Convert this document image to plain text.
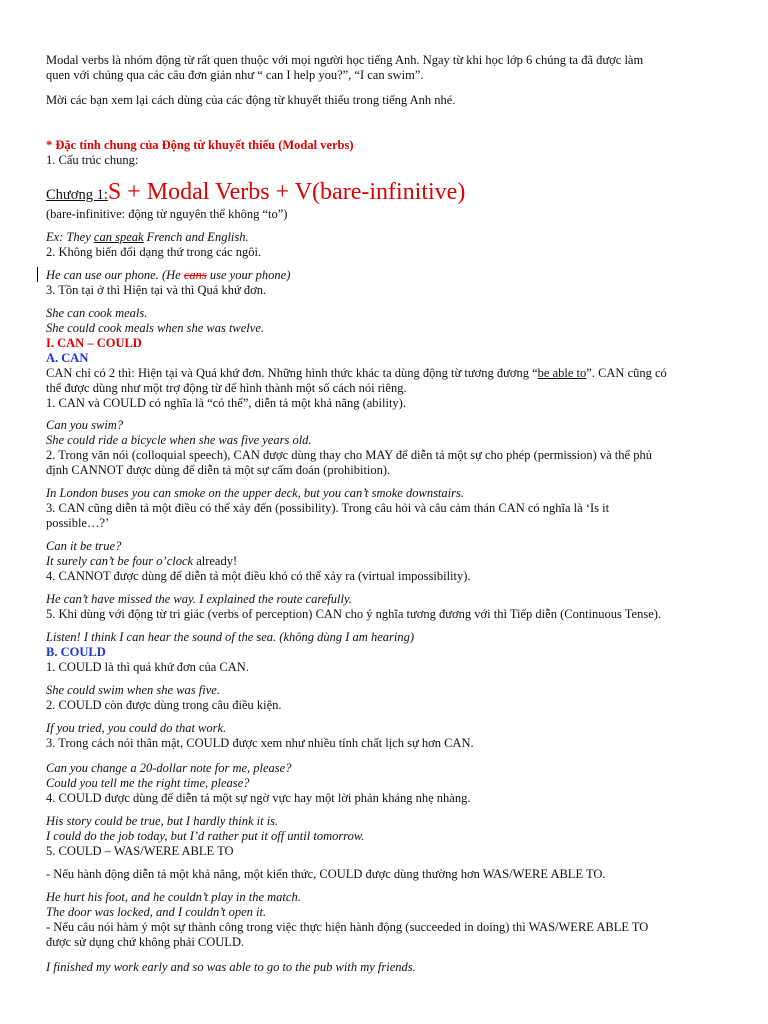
Modal verbs là nhóm động từ rất quen thuộc với mọi người học tiếng Anh. Ngay từ khi học lớp 6 chúng ta đã được làm
quen với chúng qua các câu đơn giản như “ can I help you?”, “I can swim”.
Mời các bạn xem lại cách dùng của các động từ khuyết thiếu trong tiếng Anh nhé.
* Đặc tính chung của Động từ khuyết thiếu (Modal verbs)
1. Cấu trúc chung:
Chương 1:S + Modal Verbs + V(bare-infinitive)
(bare-infinitive: động từ nguyên thể không “to”)
Ex: They can speak French and English.
2. Không biến đổi dạng thứ trong các ngôi.
He can use our phone. (He cans use your phone)
3. Tồn tại ở thì Hiện tại và thì Quá khứ đơn.
She can cook meals.
She could cook meals when she was twelve.
I. CAN – COULD
A. CAN
CAN chỉ có 2 thì: Hiện tại và Quá khứ đơn. Những hình thức khác ta dùng động từ tương đương “be able to”. CAN cũng có
thể được dùng như một trợ động từ để hình thành một số cách nói riêng.
1. CAN và COULD có nghĩa là “có thể”, diễn tả một khả năng (ability).
Can you swim?
She could ride a bicycle when she was five years old.
2. Trong văn nói (colloquial speech), CAN được dùng thay cho MAY để diễn tả một sự cho phép (permission) và thể phủ
định CANNOT được dùng để diễn tả một sự cấm đoán (prohibition).
In London buses you can smoke on the upper deck, but you can’t smoke downstairs.
3. CAN cũng diễn tả một điều có thể xảy đến (possibility). Trong câu hỏi và câu cảm thán CAN có nghĩa là ‘Is it
possible…?’
Can it be true?
It surely can’t be four o’clock already!
4. CANNOT được dùng để diễn tả một điều khó có thể xảy ra (virtual impossibility).
He can’t have missed the way. I explained the route carefully.
5. Khi dùng với động từ tri giác (verbs of perception) CAN cho ý nghĩa tương đương với thì Tiếp diễn (Continuous Tense).
Listen! I think I can hear the sound of the sea. (không dùng I am hearing)
B. COULD
1. COULD là thì quá khứ đơn của CAN.
She could swim when she was five.
2. COULD còn được dùng trong câu điều kiện.
If you tried, you could do that work.
3. Trong cách nói thân mật, COULD được xem như nhiều tính chất lịch sự hơn CAN.
Can you change a 20-dollar note for me, please?
Could you tell me the right time, please?
4. COULD được dùng để diễn tả một sự ngờ vực hay một lời phản kháng nhẹ nhàng.
His story could be true, but I hardly think it is.
I could do the job today, but I’d rather put it off until tomorrow.
5. COULD – WAS/WERE ABLE TO
- Nếu hành động diễn tả một khả năng, một kiến thức, COULD được dùng thường hơn WAS/WERE ABLE TO.
He hurt his foot, and he couldn’t play in the match.
The door was locked, and I couldn’t open it.
- Nếu câu nói hàm ý một sự thành công trong việc thực hiện hành động (succeeded in doing) thì WAS/WERE ABLE TO
được sử dụng chứ không phải COULD.
I finished my work early and so was able to go to the pub with my friends.
